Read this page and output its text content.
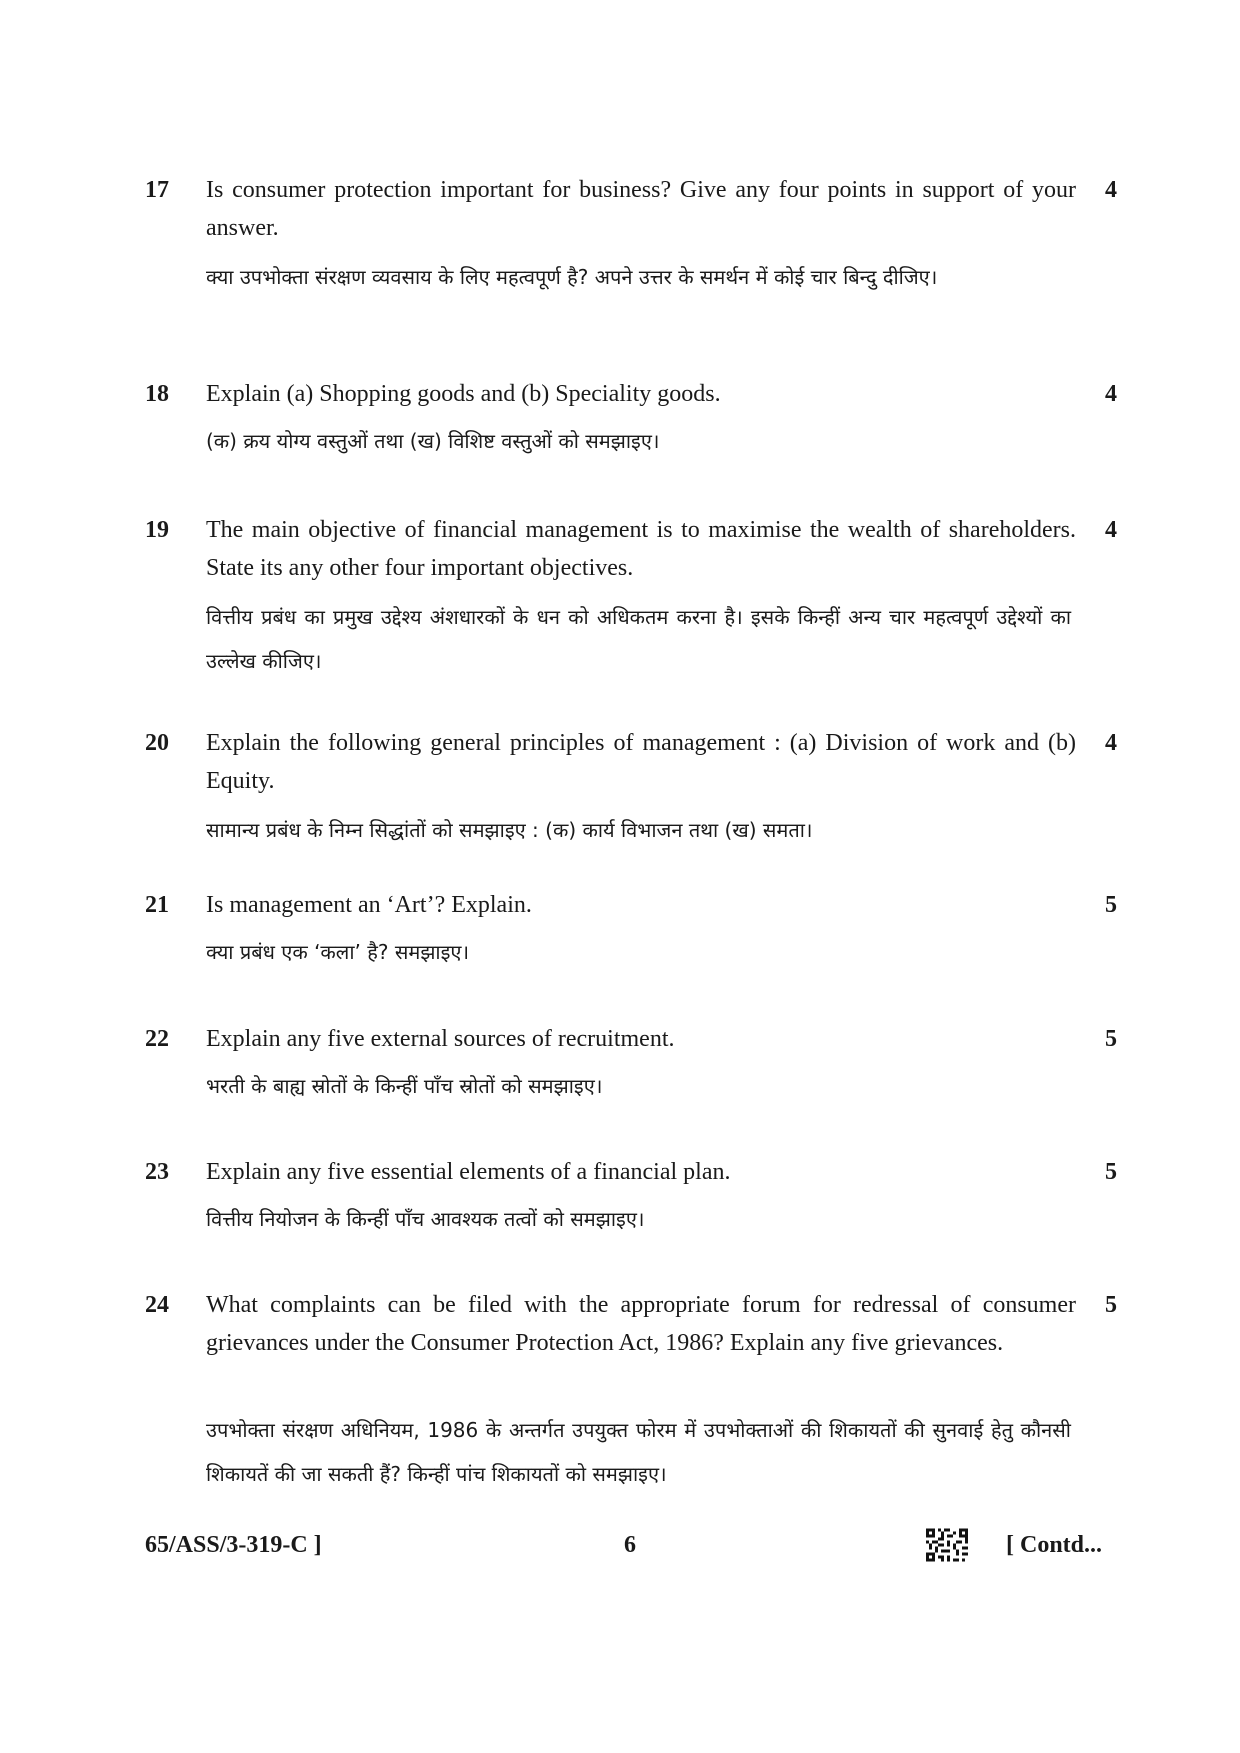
17 Is consumer protection important for business? Give any four points in support of your answer.
क्या उपभोक्ता संरक्षण व्यवसाय के लिए महत्वपूर्ण है? अपने उत्तर के समर्थन में कोई चार बिन्दु दीजिए।
4
18 Explain (a) Shopping goods and (b) Speciality goods.
(क) क्रय योग्य वस्तुओं तथा (ख) विशिष्ट वस्तुओं को समझाइए।
4
19 The main objective of financial management is to maximise the wealth of shareholders. State its any other four important objectives.
वित्तीय प्रबंध का प्रमुख उद्देश्य अंशधारकों के धन को अधिकतम करना है। इसके किन्हीं अन्य चार महत्वपूर्ण उद्देश्यों का उल्लेख कीजिए।
4
20 Explain the following general principles of management : (a) Division of work and (b) Equity.
सामान्य प्रबंध के निम्न सिद्धांतों को समझाइए : (क) कार्य विभाजन तथा (ख) समता।
4
21 Is management an ‘Art’? Explain.
क्या प्रबंध एक ‘कला’ है? समझाइए।
5
22 Explain any five external sources of recruitment.
भरती के बाह्य स्रोतों के किन्हीं पाँच स्रोतों को समझाइए।
5
23 Explain any five essential elements of a financial plan.
वित्तीय नियोजन के किन्हीं पाँच आवश्यक तत्वों को समझाइए।
5
24 What complaints can be filed with the appropriate forum for redressal of consumer grievances under the Consumer Protection Act, 1986? Explain any five grievances.
उपभोक्ता संरक्षण अधिनियम, 1986 के अन्तर्गत उपयुक्त फोरम में उपभोक्ताओं की शिकायतों की सुनवाई हेतु कौनसी शिकायतें की जा सकती हैं? किन्हीं पांच शिकायतों को समझाइए।
5
65/ASS/3-319-C ]	6	[ Contd...
